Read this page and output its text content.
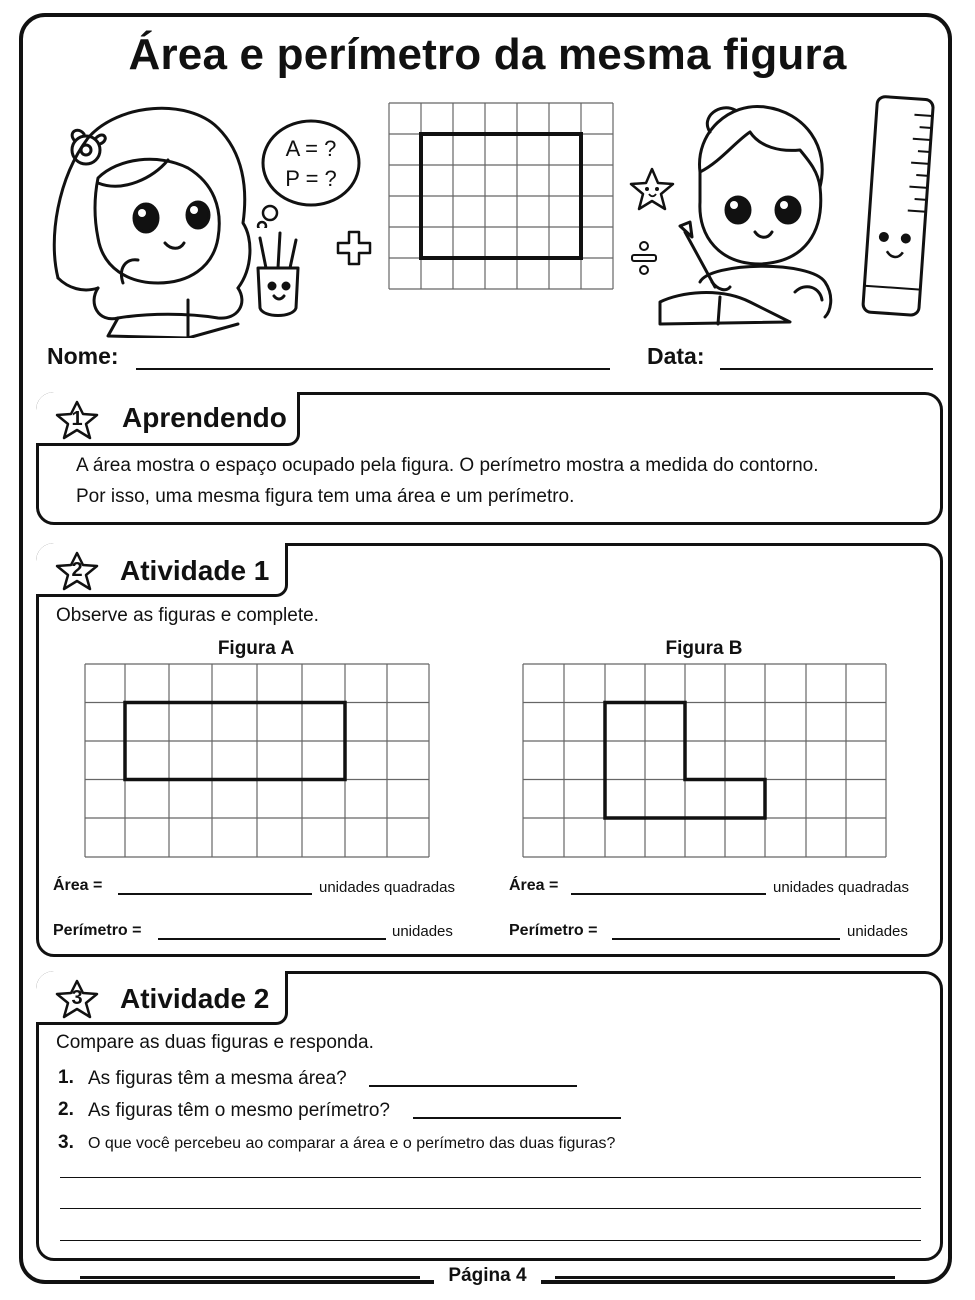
Área e perímetro da mesma figura
A = ?
P = ?
Nome:	Data:
1	Aprendendo
A área mostra o espaço ocupado pela figura. O perímetro mostra a medida do contorno.
Por isso, uma mesma figura tem uma área e um perímetro.
2	Atividade 1
Observe as figuras e complete.
Figura A	Figura B
Área =	unidades quadradas
Perímetro =	unidades
Área =	unidades quadradas
Perímetro =	unidades
3	Atividade 2
Compare as duas figuras e responda.
1. As figuras têm a mesma área?
2. As figuras têm o mesmo perímetro?
3. O que você percebeu ao comparar a área e o perímetro das duas figuras?
Página 4
